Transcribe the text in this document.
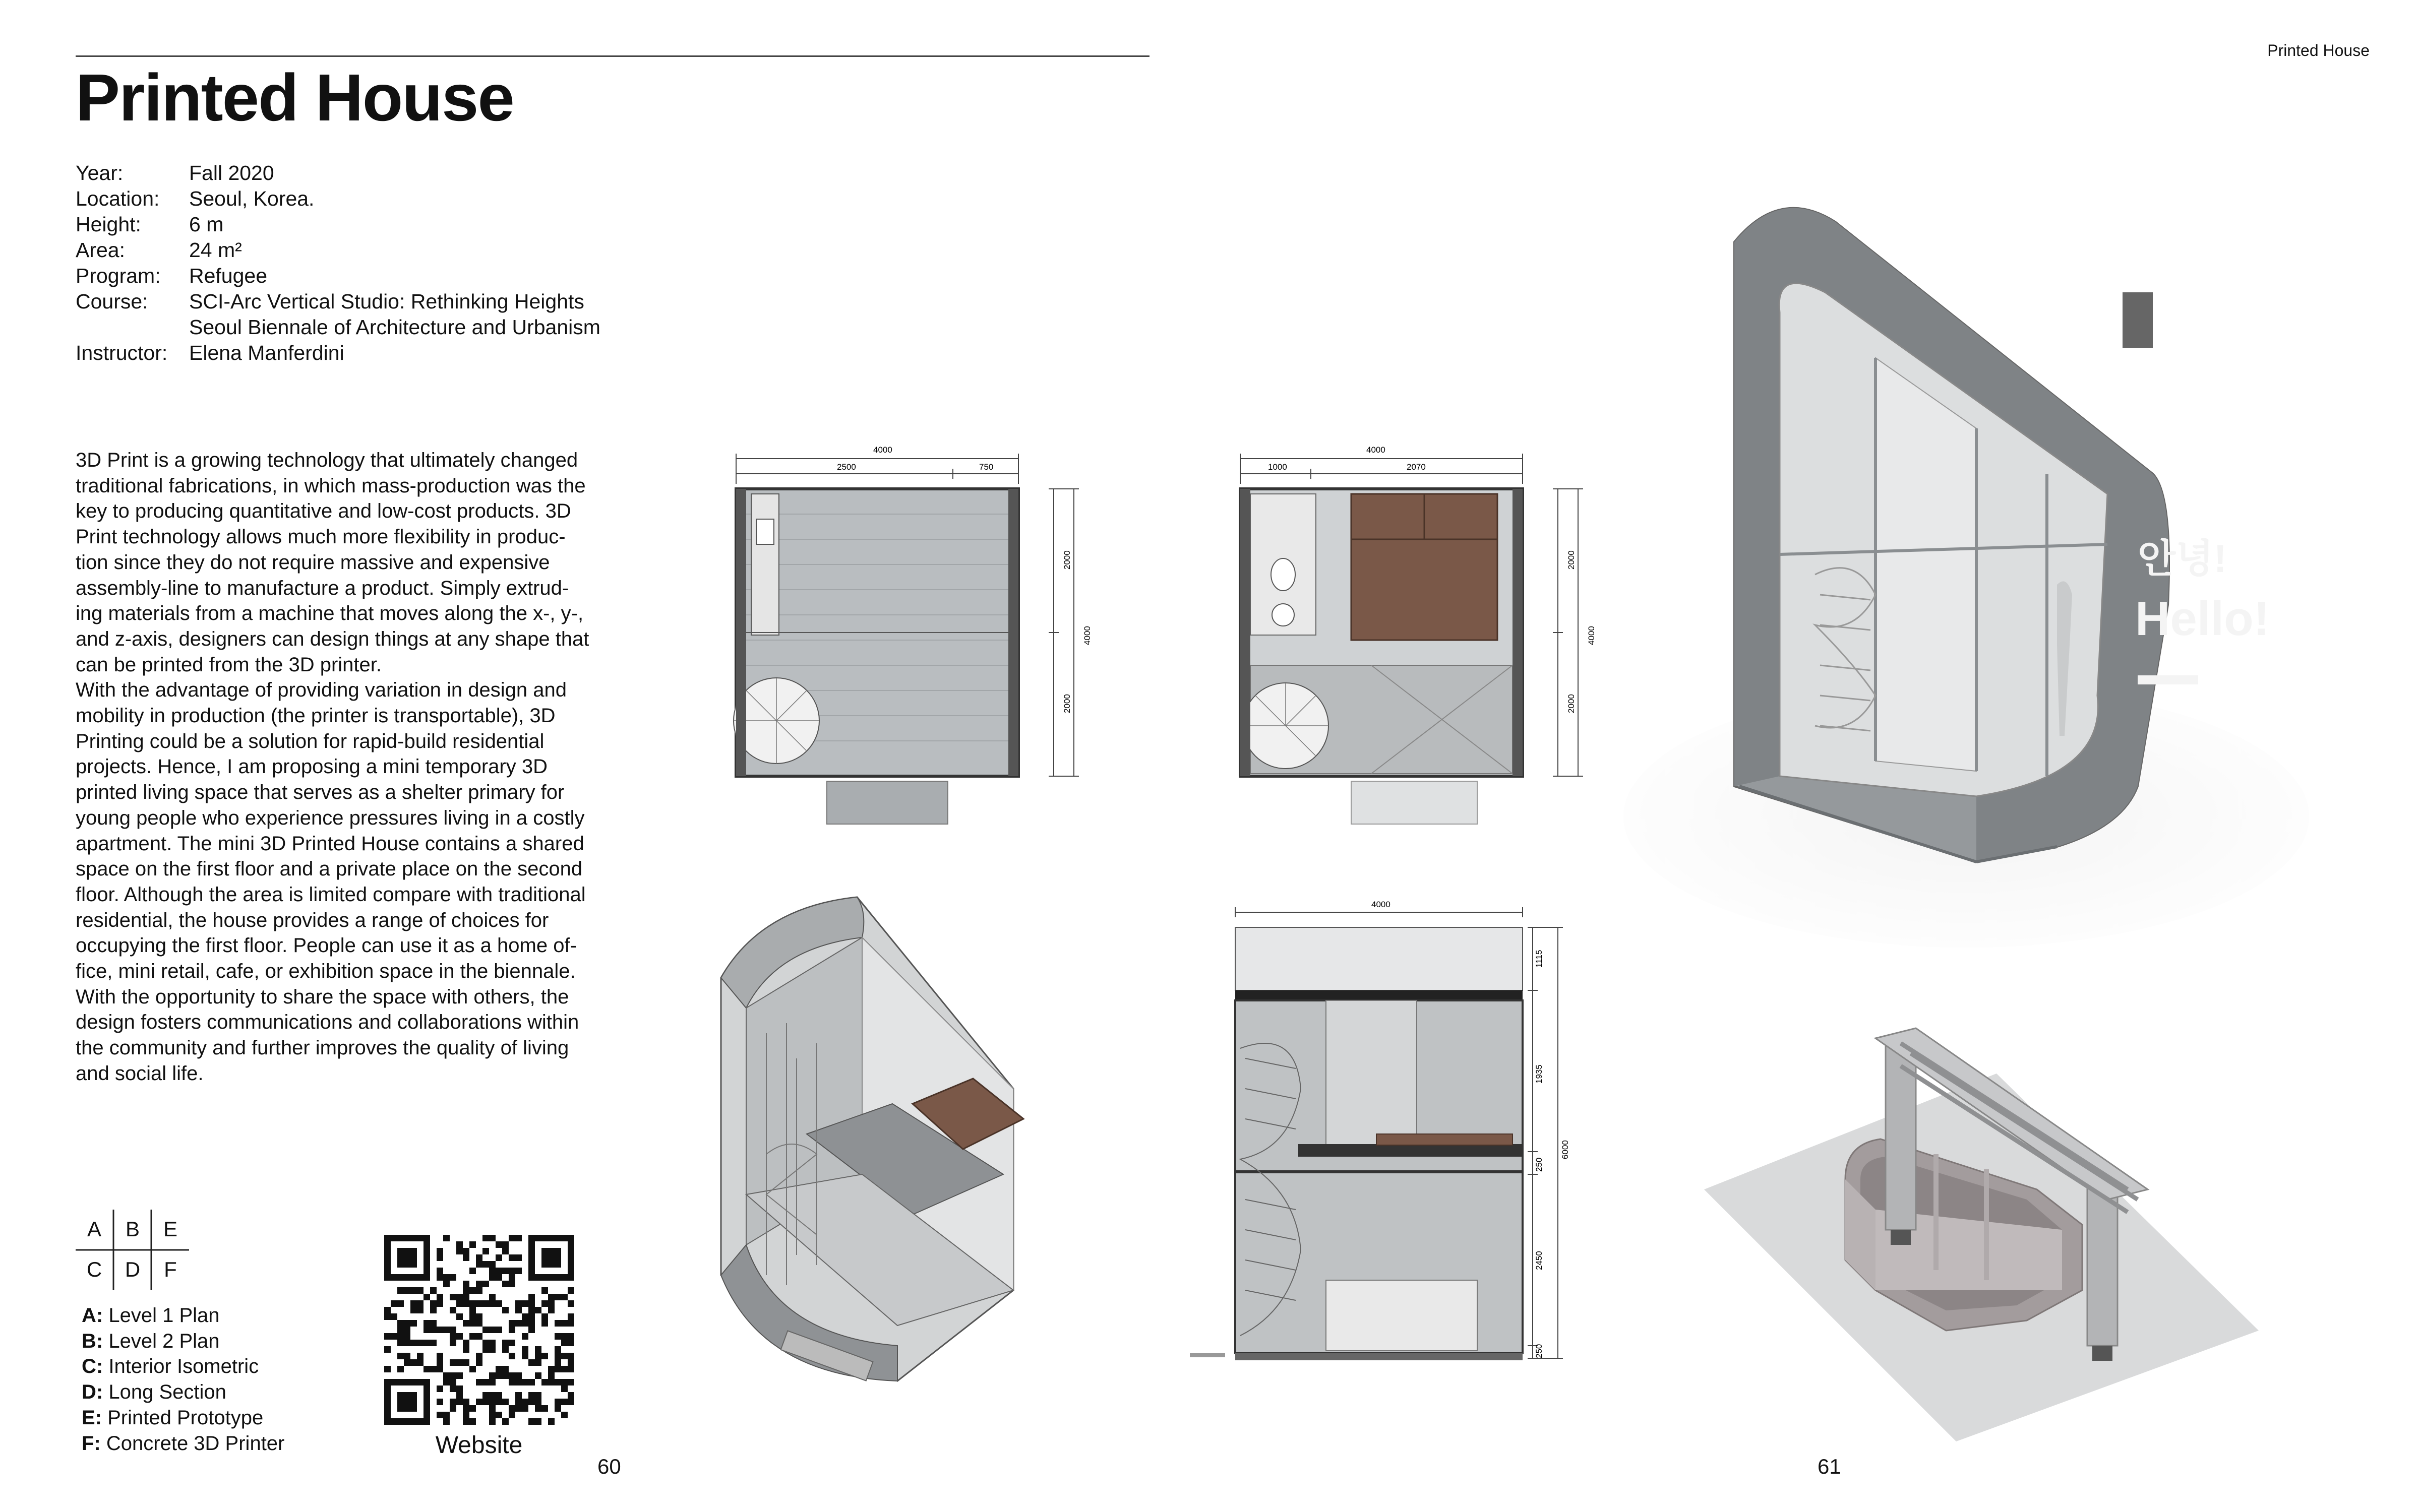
Printed House
Printed House
Year:	Fall 2020
Location:	Seoul, Korea.
Height:	6 m
Area:	24 m²
Program:	Refugee
Course:	SCI-Arc Vertical Studio: Rethinking Heights
Seoul Biennale of Architecture and Urbanism
Instructor:	Elena Manferdini
3D Print is a growing technology that ultimately changed
traditional fabrications, in which mass-production was the
key to producing quantitative and low-cost products. 3D
Print technology allows much more flexibility in produc-
tion since they do not require massive and expensive
assembly-line to manufacture a product. Simply extrud-
ing materials from a machine that moves along the x-, y-,
and z-axis, designers can design things at any shape that
can be printed from the 3D printer.
With the advantage of providing variation in design and
mobility in production (the printer is transportable), 3D
Printing could be a solution for rapid-build residential
projects. Hence, I am proposing a mini temporary 3D
printed living space that serves as a shelter primary for
young people who experience pressures living in a costly
apartment. The mini 3D Printed House contains a shared
space on the first floor and a private place on the second
floor. Although the area is limited compare with traditional
residential, the house provides a range of choices for
occupying the first floor. People can use it as a home of-
fice, mini retail, cafe, or exhibition space in the biennale.
With the opportunity to share the space with others, the
design fosters communications and collaborations within
the community and further improves the quality of living
and social life.
A	B	E
C	D	F
A: Level 1 Plan
B: Level 2 Plan
C: Interior Isometric
D: Long Section
E: Printed Prototype
F: Concrete 3D Printer	Website
60	61
4000
2500	750
4000
2000
2000
4000
1000	2070
4000
2000
2000
4000
1115
1935
250
2450
250
6000
안녕!
Hello!
